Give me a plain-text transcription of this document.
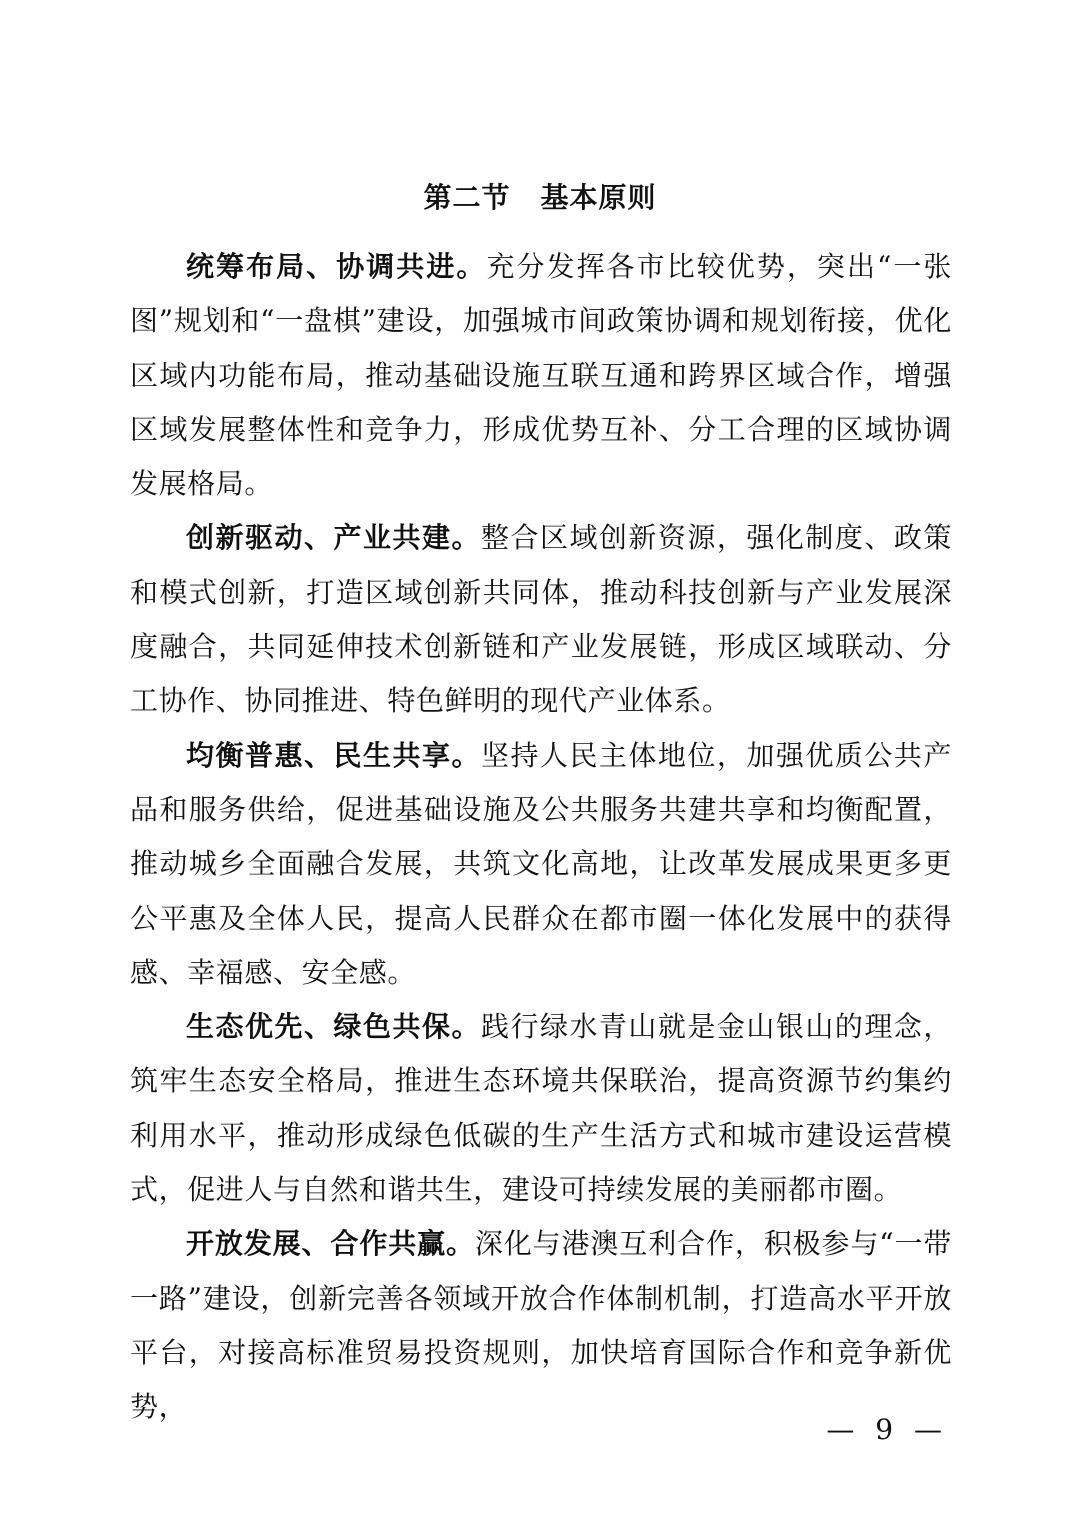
第二节 基本原则

统筹布局、协调共进。充分发挥各市比较优势，突出“一张图”规划和“一盘棋”建设，加强城市间政策协调和规划衔接，优化区域内功能布局，推动基础设施互联互通和跨界区域合作，增强区域发展整体性和竞争力，形成优势互补、分工合理的区域协调发展格局。

创新驱动、产业共建。整合区域创新资源，强化制度、政策和模式创新，打造区域创新共同体，推动科技创新与产业发展深度融合，共同延伸技术创新链和产业发展链，形成区域联动、分工协作、协同推进、特色鲜明的现代产业体系。

均衡普惠、民生共享。坚持人民主体地位，加强优质公共产品和服务供给，促进基础设施及公共服务共建共享和均衡配置，推动城乡全面融合发展，共筑文化高地，让改革发展成果更多更公平惠及全体人民，提高人民群众在都市圈一体化发展中的获得感、幸福感、安全感。

生态优先、绿色共保。践行绿水青山就是金山银山的理念，筑牢生态安全格局，推进生态环境共保联治，提高资源节约集约利用水平，推动形成绿色低碳的生产生活方式和城市建设运营模式，促进人与自然和谐共生，建设可持续发展的美丽都市圈。

开放发展、合作共赢。深化与港澳互利合作，积极参与“一带一路”建设，创新完善各领域开放合作体制机制，打造高水平开放平台，对接高标准贸易投资规则，加快培育国际合作和竞争新优势，

— 9 —
